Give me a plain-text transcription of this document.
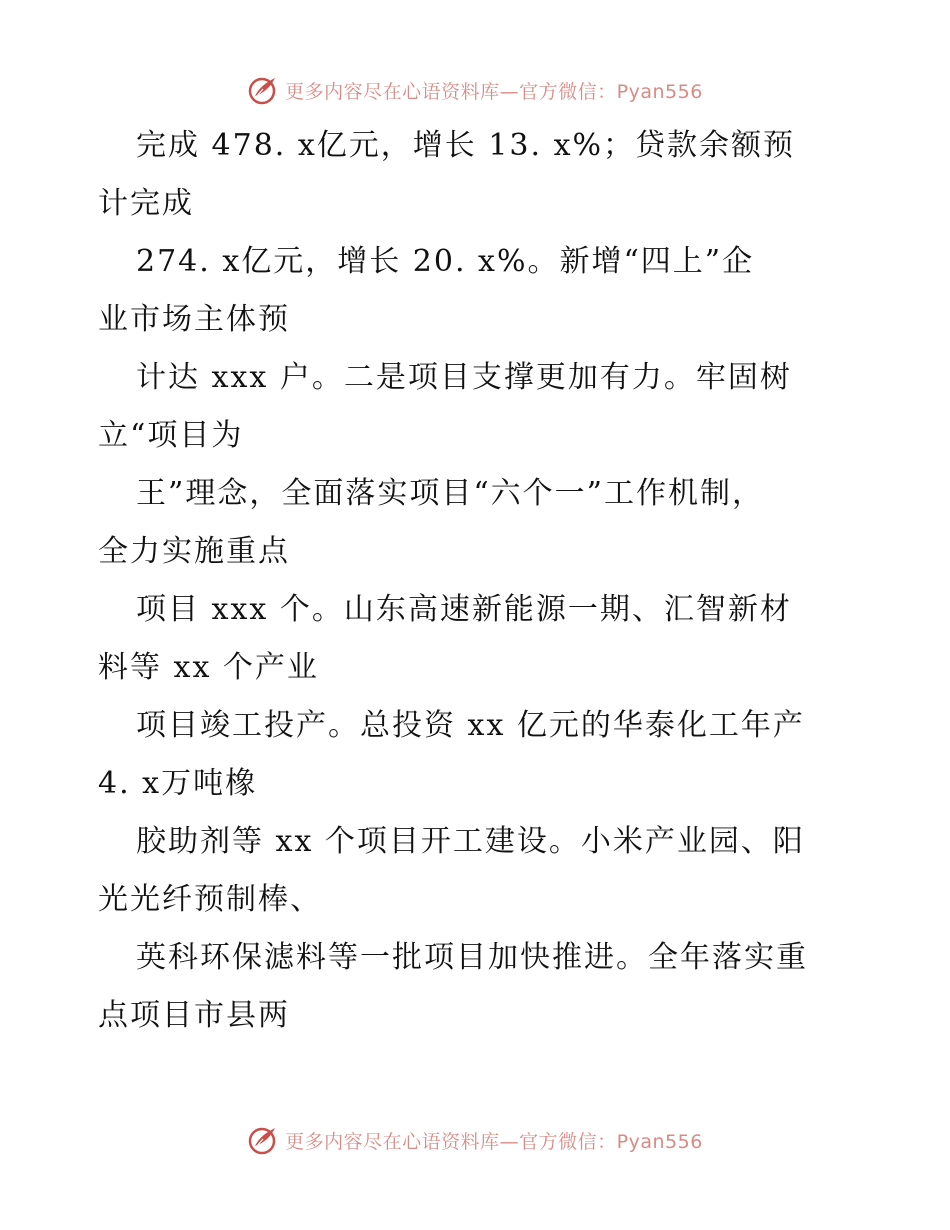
更多内容尽在心语资料库—官方微信：Pyan556
完成 478. x亿元，增长 13. x%；贷款余额预
计完成
274. x亿元，增长 20. x%。新增“四上”企
业市场主体预
计达 xxx 户。二是项目支撑更加有力。牢固树
立“项目为
王”理念，全面落实项目“六个一”工作机制，
全力实施重点
项目 xxx 个。山东高速新能源一期、汇智新材
料等 xx 个产业
项目竣工投产。总投资 xx 亿元的华泰化工年产
4. x万吨橡
胶助剂等 xx 个项目开工建设。小米产业园、阳
光光纤预制棒、
英科环保滤料等一批项目加快推进。全年落实重
点项目市县两
更多内容尽在心语资料库—官方微信：Pyan556
